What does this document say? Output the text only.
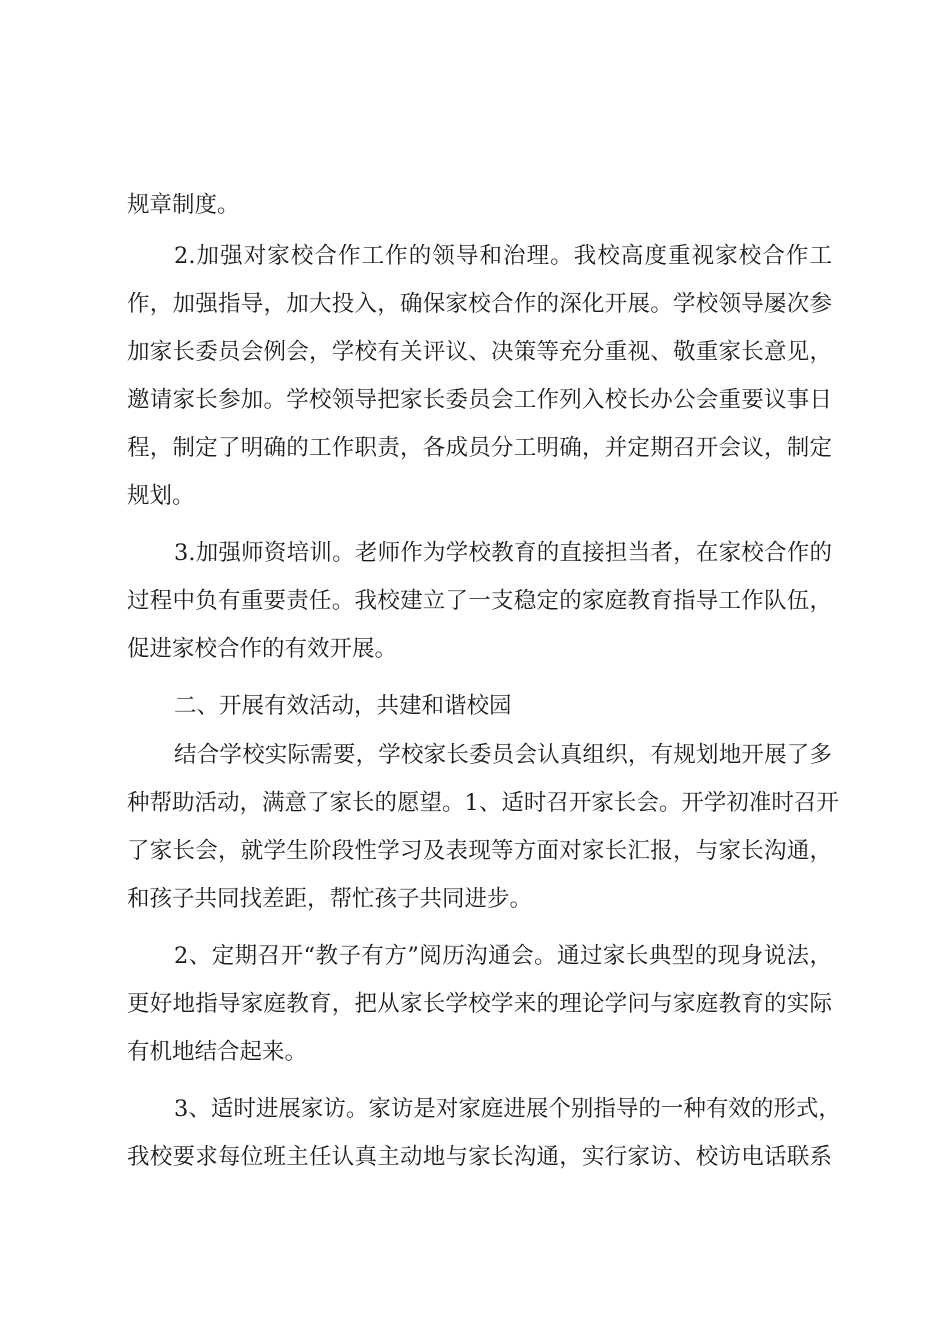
规章制度。
2.加强对家校合作工作的领导和治理。我校高度重视家校合作工
作，加强指导，加大投入，确保家校合作的深化开展。学校领导屡次参
加家长委员会例会，学校有关评议、决策等充分重视、敬重家长意见，
邀请家长参加。学校领导把家长委员会工作列入校长办公会重要议事日
程，制定了明确的工作职责，各成员分工明确，并定期召开会议，制定
规划。
3.加强师资培训。老师作为学校教育的直接担当者，在家校合作的
过程中负有重要责任。我校建立了一支稳定的家庭教育指导工作队伍，
促进家校合作的有效开展。
二、开展有效活动，共建和谐校园
结合学校实际需要，学校家长委员会认真组织，有规划地开展了多
种帮助活动，满意了家长的愿望。1、适时召开家长会。开学初准时召开
了家长会，就学生阶段性学习及表现等方面对家长汇报，与家长沟通，
和孩子共同找差距，帮忙孩子共同进步。
2、定期召开“教子有方”阅历沟通会。通过家长典型的现身说法，
更好地指导家庭教育，把从家长学校学来的理论学问与家庭教育的实际
有机地结合起来。
3、适时进展家访。家访是对家庭进展个别指导的一种有效的形式，
我校要求每位班主任认真主动地与家长沟通，实行家访、校访电话联系
